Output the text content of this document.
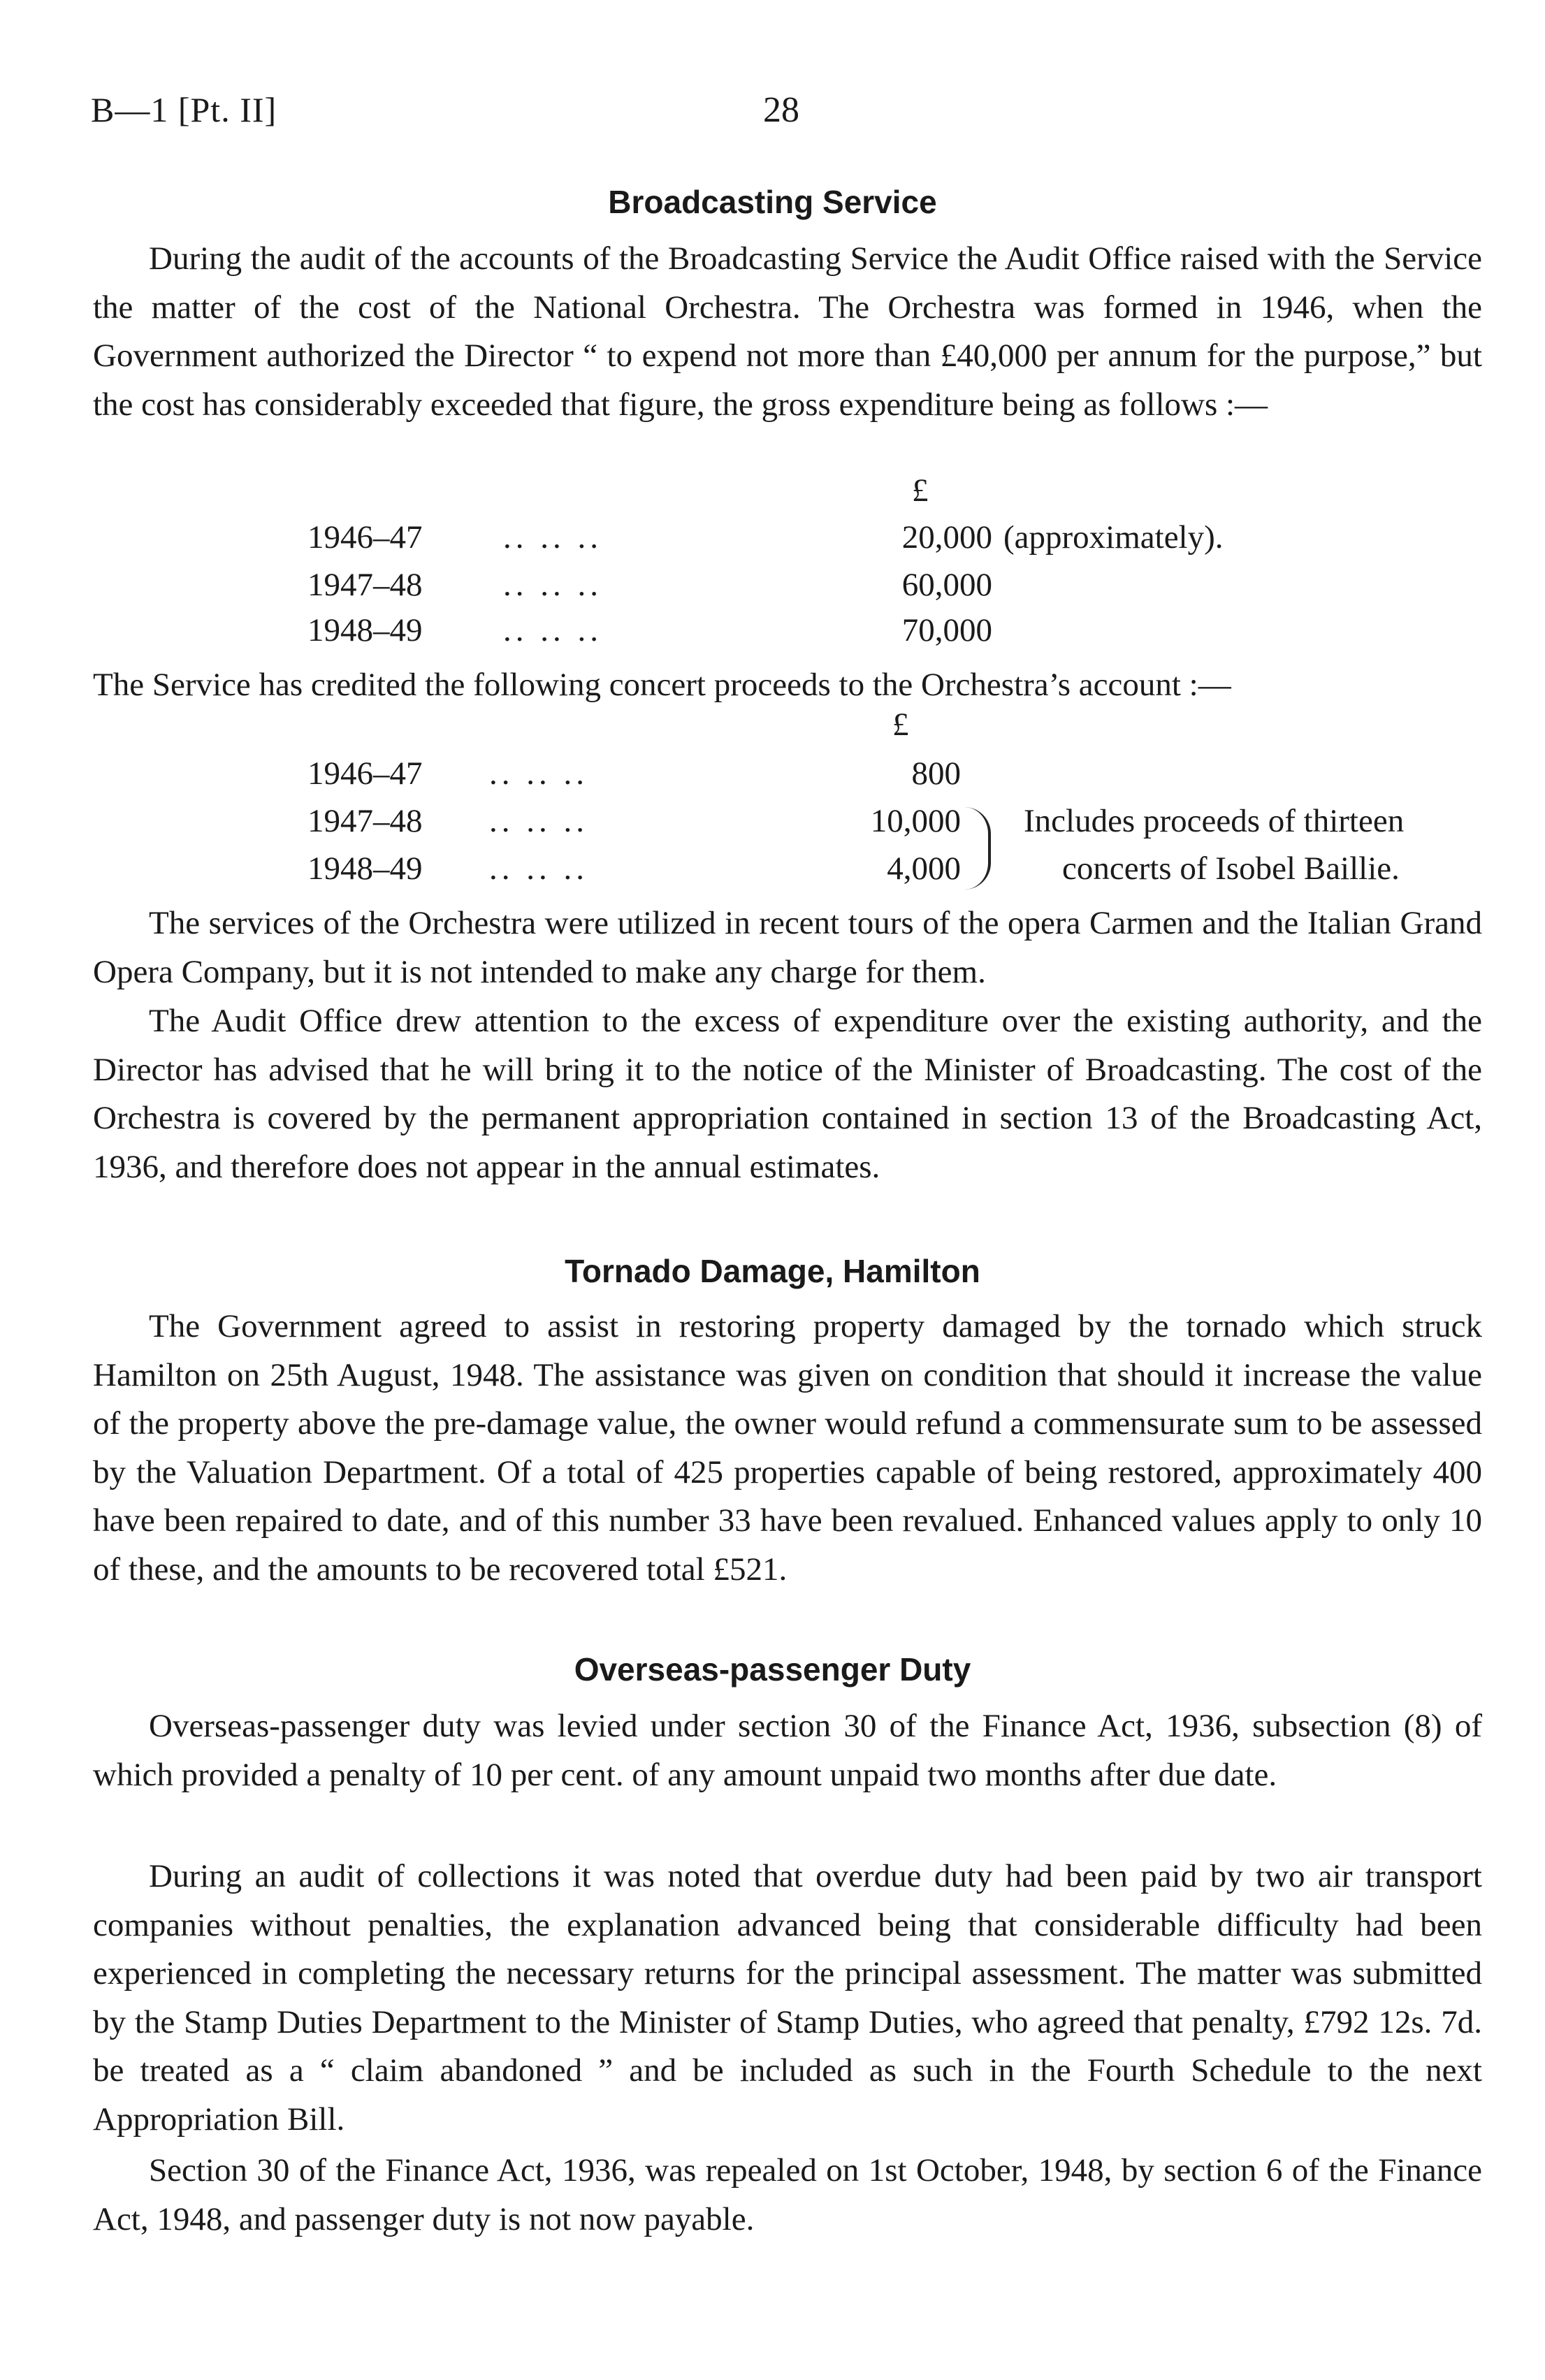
B—1 [Pt. II]	28
Broadcasting Service

During the audit of the accounts of the Broadcasting Service the Audit Office raised with the Service the matter of the cost of the National Orchestra. The Orchestra was formed in 1946, when the Government authorized the Director “ to expend not more than £40,000 per annum for the purpose,” but the cost has considerably exceeded that figure, the gross expenditure being as follows :—

£
1946–47 .. .. ..	20,000 (approximately).
1947–48 .. .. ..	60,000
1948–49 .. .. ..	70,000

The Service has credited the following concert proceeds to the Orchestra’s account :—

£
1946–47 .. .. ..	800
1947–48 .. .. ..	10,000 Includes proceeds of thirteen
1948–49 .. .. ..	4,000	concerts of Isobel Baillie.

The services of the Orchestra were utilized in recent tours of the opera Carmen and the Italian Grand Opera Company, but it is not intended to make any charge for them.

The Audit Office drew attention to the excess of expenditure over the existing authority, and the Director has advised that he will bring it to the notice of the Minister of Broadcasting. The cost of the Orchestra is covered by the permanent appropriation contained in section 13 of the Broadcasting Act, 1936, and therefore does not appear in the annual estimates.

Tornado Damage, Hamilton

The Government agreed to assist in restoring property damaged by the tornado which struck Hamilton on 25th August, 1948. The assistance was given on condition that should it increase the value of the property above the pre-damage value, the owner would refund a commensurate sum to be assessed by the Valuation Department. Of a total of 425 properties capable of being restored, approximately 400 have been repaired to date, and of this number 33 have been revalued. Enhanced values apply to only 10 of these, and the amounts to be recovered total £521.

Overseas-passenger Duty

Overseas-passenger duty was levied under section 30 of the Finance Act, 1936, subsection (8) of which provided a penalty of 10 per cent. of any amount unpaid two months after due date.

During an audit of collections it was noted that overdue duty had been paid by two air transport companies without penalties, the explanation advanced being that considerable difficulty had been experienced in completing the necessary returns for the principal assessment. The matter was submitted by the Stamp Duties Department to the Minister of Stamp Duties, who agreed that penalty, £792 12s. 7d. be treated as a “ claim abandoned ” and be included as such in the Fourth Schedule to the next Appropriation Bill.

Section 30 of the Finance Act, 1936, was repealed on 1st October, 1948, by section 6 of the Finance Act, 1948, and passenger duty is not now payable.
